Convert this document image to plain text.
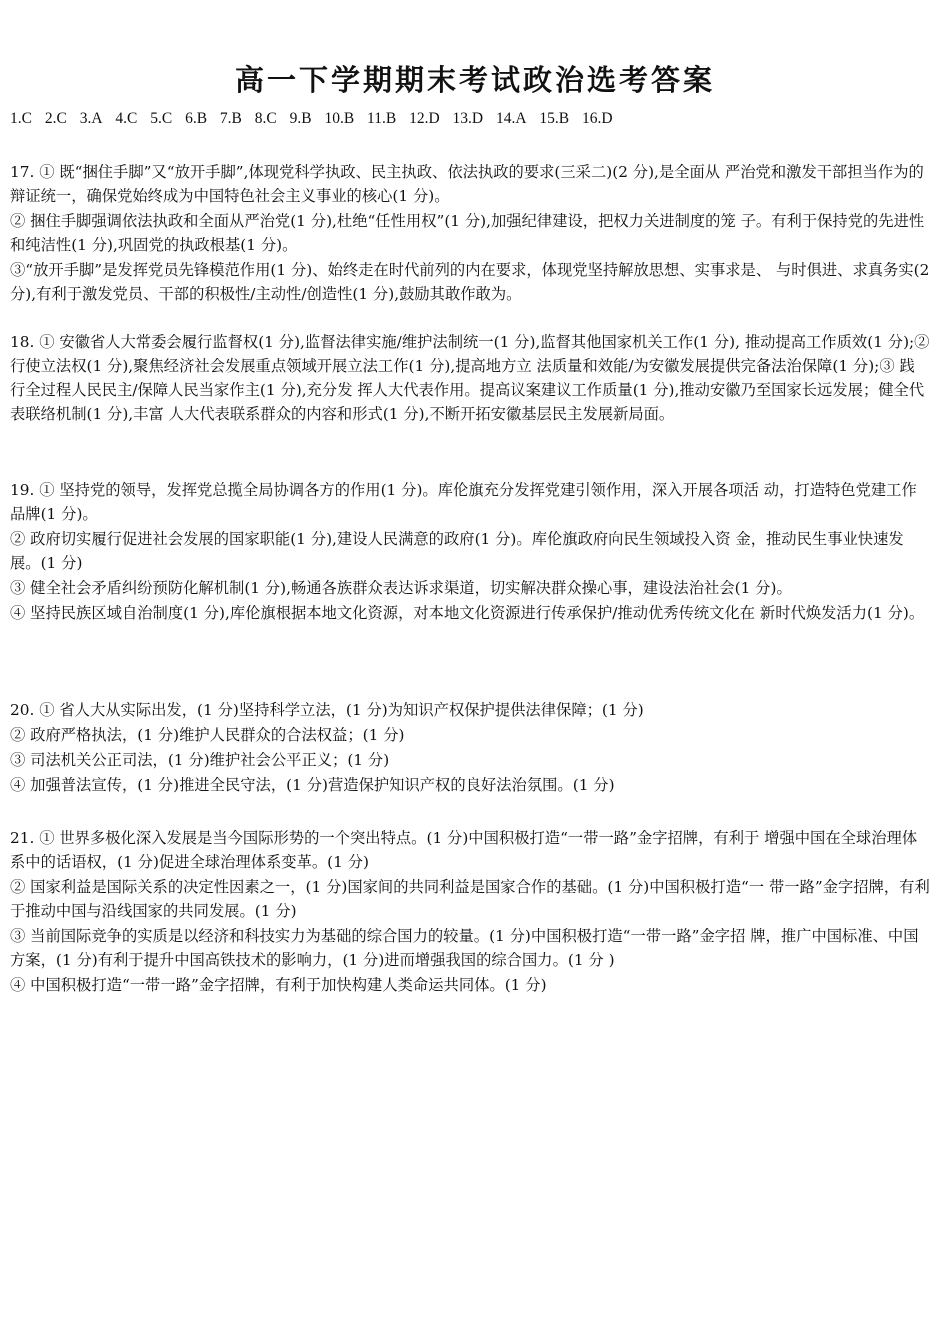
高一下学期期末考试政治选考答案
1.C 2.C 3.A 4.C 5.C 6.B 7.B 8.C 9.B 10.B 11.B 12.D 13.D 14.A 15.B 16.D

17. ① 既“捆住手脚”又“放开手脚”,体现党科学执政、民主执政、依法执政的要求(三采二)(2 分),是全面从 严治党和激发干部担当作为的辩证统一，确保党始终成为中国特色社会主义事业的核心(1 分)。

② 捆住手脚强调依法执政和全面从严治党(1 分),杜绝“任性用权”(1 分),加强纪律建设，把权力关进制度的笼 子。有利于保持党的先进性和纯洁性(1 分),巩固党的执政根基(1 分)。

③“放开手脚”是发挥党员先锋模范作用(1 分)、始终走在时代前列的内在要求，体现党坚持解放思想、实事求是、 与时俱进、求真务实(2 分),有利于激发党员、干部的积极性/主动性/创造性(1 分),鼓励其敢作敢为。

18. ① 安徽省人大常委会履行监督权(1 分),监督法律实施/维护法制统一(1 分),监督其他国家机关工作(1 分), 推动提高工作质效(1 分);② 行使立法权(1 分),聚焦经济社会发展重点领域开展立法工作(1 分),提高地方立 法质量和效能/为安徽发展提供完备法治保障(1 分);③ 践行全过程人民民主/保障人民当家作主(1 分),充分发 挥人大代表作用。提高议案建议工作质量(1 分),推动安徽乃至国家长远发展；健全代表联络机制(1 分),丰富 人大代表联系群众的内容和形式(1 分),不断开拓安徽基层民主发展新局面。

19. ① 坚持党的领导，发挥党总揽全局协调各方的作用(1 分)。库伦旗充分发挥党建引领作用，深入开展各项活 动，打造特色党建工作品牌(1 分)。

② 政府切实履行促进社会发展的国家职能(1 分),建设人民满意的政府(1 分)。库伦旗政府向民生领域投入资 金，推动民生事业快速发展。(1 分)

③ 健全社会矛盾纠纷预防化解机制(1 分),畅通各族群众表达诉求渠道，切实解决群众操心事，建设法治社会(1 分)。

④ 坚持民族区域自治制度(1 分),库伦旗根据本地文化资源，对本地文化资源进行传承保护/推动优秀传统文化在 新时代焕发活力(1 分)。

20. ① 省人大从实际出发，(1 分)坚持科学立法，(1 分)为知识产权保护提供法律保障；(1 分)

② 政府严格执法，(1 分)维护人民群众的合法权益；(1 分)

③ 司法机关公正司法，(1 分)维护社会公平正义；(1 分)

④ 加强普法宣传，(1 分)推进全民守法，(1 分)营造保护知识产权的良好法治氛围。(1 分)

21. ① 世界多极化深入发展是当今国际形势的一个突出特点。(1 分)中国积极打造“一带一路”金字招牌，有利于 增强中国在全球治理体系中的话语权，(1 分)促进全球治理体系变革。(1 分)

② 国家利益是国际关系的决定性因素之一，(1 分)国家间的共同利益是国家合作的基础。(1 分)中国积极打造“一 带一路”金字招牌，有利于推动中国与沿线国家的共同发展。(1 分)

③ 当前国际竞争的实质是以经济和科技实力为基础的综合国力的较量。(1 分)中国积极打造“一带一路”金字招 牌，推广中国标准、中国方案，(1 分)有利于提升中国高铁技术的影响力，(1 分)进而增强我国的综合国力。(1 分 )

④ 中国积极打造“一带一路”金字招牌，有利于加快构建人类命运共同体。(1 分)
